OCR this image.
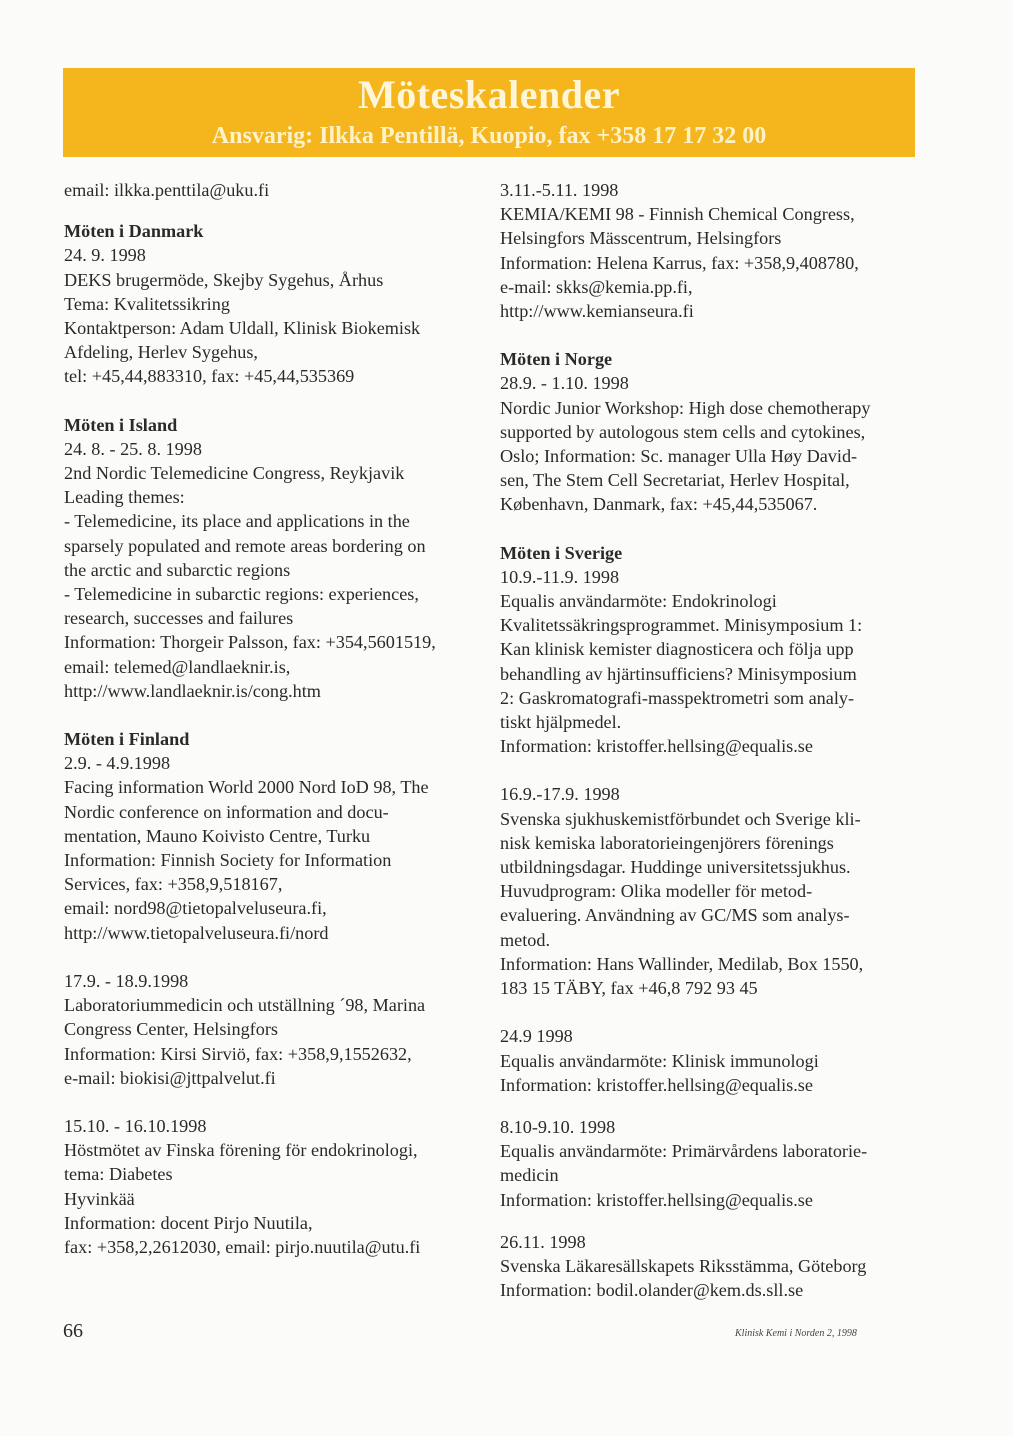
Möteskalender
Ansvarig: Ilkka Pentillä, Kuopio, fax +358 17 17 32 00

email: ilkka.penttila@uku.fi

Möten i Danmark

24. 9. 1998

DEKS brugermöde, Skejby Sygehus, Århus

Tema: Kvalitetssikring

Kontaktperson: Adam Uldall, Klinisk Biokemisk

Afdeling, Herlev Sygehus,

tel: +45,44,883310, fax: +45,44,535369

Möten i Island

24. 8. - 25. 8. 1998

2nd Nordic Telemedicine Congress, Reykjavik

Leading themes:

- Telemedicine, its place and applications in the

sparsely populated and remote areas bordering on

the arctic and subarctic regions

- Telemedicine in subarctic regions: experiences,

research, successes and failures

Information: Thorgeir Palsson, fax: +354,5601519,

email: telemed@landlaeknir.is,

http://www.landlaeknir.is/cong.htm

Möten i Finland

2.9. - 4.9.1998

Facing information World 2000 Nord IoD 98, The

Nordic conference on information and docu-

mentation, Mauno Koivisto Centre, Turku

Information: Finnish Society for Information

Services, fax: +358,9,518167,

email: nord98@tietopalveluseura.fi,

http://www.tietopalveluseura.fi/nord

17.9. - 18.9.1998

Laboratoriummedicin och utställning ´98, Marina

Congress Center, Helsingfors

Information: Kirsi Sirviö, fax: +358,9,1552632,

e-mail: biokisi@jttpalvelut.fi

15.10. - 16.10.1998

Höstmötet av Finska förening för endokrinologi,

tema: Diabetes

Hyvinkää

Information: docent Pirjo Nuutila,

fax: +358,2,2612030, email: pirjo.nuutila@utu.fi

3.11.-5.11. 1998

KEMIA/KEMI 98 - Finnish Chemical Congress,

Helsingfors Mässcentrum, Helsingfors

Information: Helena Karrus, fax: +358,9,408780,

e-mail: skks@kemia.pp.fi,

http://www.kemianseura.fi

Möten i Norge

28.9. - 1.10. 1998

Nordic Junior Workshop: High dose chemotherapy

supported by autologous stem cells and cytokines,

Oslo; Information: Sc. manager Ulla Høy David-

sen, The Stem Cell Secretariat, Herlev Hospital,

København, Danmark, fax: +45,44,535067.

Möten i Sverige

10.9.-11.9. 1998

Equalis användarmöte: Endokrinologi

Kvalitetssäkringsprogrammet. Minisymposium 1:

Kan klinisk kemister diagnosticera och följa upp

behandling av hjärtinsufficiens? Minisymposium

2: Gaskromatografi-masspektrometri som analy-

tiskt hjälpmedel.

Information: kristoffer.hellsing@equalis.se

16.9.-17.9. 1998

Svenska sjukhuskemistförbundet och Sverige kli-

nisk kemiska laboratorieingenjörers förenings

utbildningsdagar. Huddinge universitetssjukhus.

Huvudprogram: Olika modeller för metod-

evaluering. Användning av GC/MS som analys-

metod.

Information: Hans Wallinder, Medilab, Box 1550,

183 15 TÄBY, fax +46,8 792 93 45

24.9 1998

Equalis användarmöte: Klinisk immunologi

Information: kristoffer.hellsing@equalis.se

8.10-9.10. 1998

Equalis användarmöte: Primärvårdens laboratorie-

medicin

Information: kristoffer.hellsing@equalis.se

26.11. 1998

Svenska Läkaresällskapets Riksstämma, Göteborg

Information: bodil.olander@kem.ds.sll.se

66	Klinisk Kemi i Norden 2, 1998
